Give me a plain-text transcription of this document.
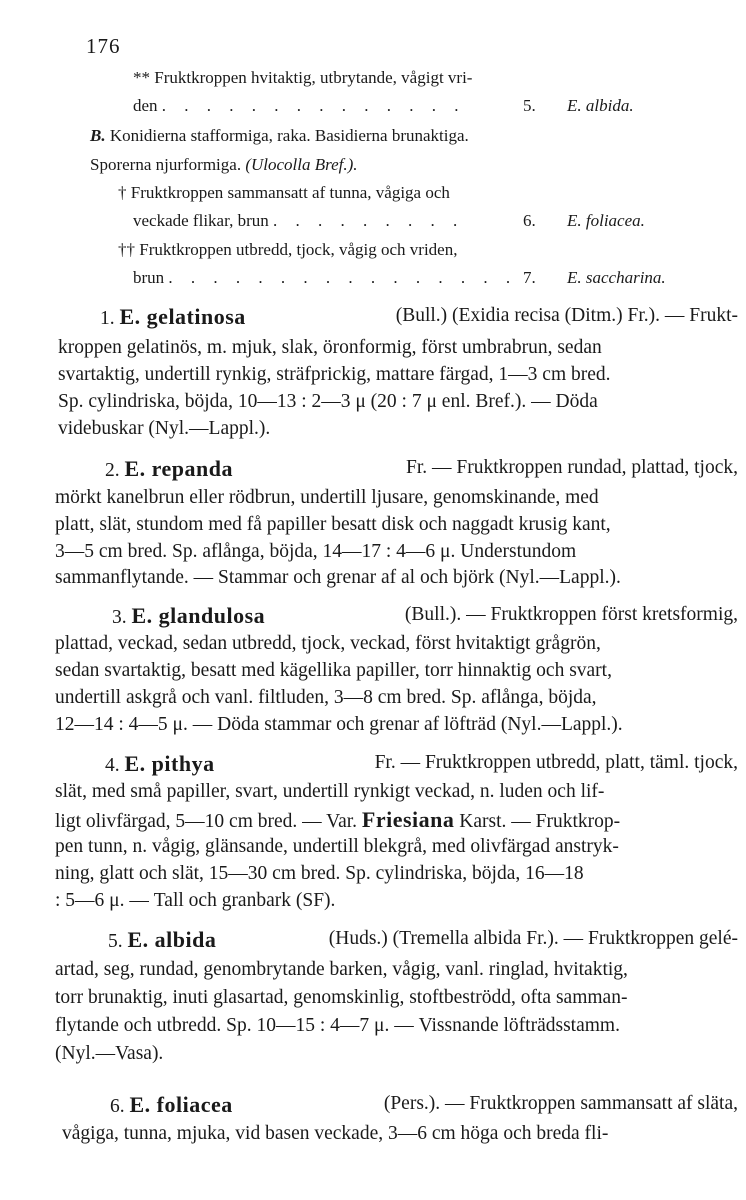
176
** Fruktkroppen hvitaktig, utbrytande, vågigt vri-
den . . . . . . . . . . . . . .	5. E. albida.
B. Konidierna stafformiga, raka. Basidierna brunaktiga.
Sporerna njurformiga. (Ulocolla Bref.).
† Fruktkroppen sammansatt af tunna, vågiga och
veckade flikar, brun . . . . . . . . .	6. E. foliacea.
†† Fruktkroppen utbredd, tjock, vågig och vriden,
brun . . . . . . . . . . . . . . . . 7. E. saccharina.
1. E. gelatinosa	(Bull.) (Exidia recisa (Ditm.) Fr.). — Frukt-
kroppen gelatinös, m. mjuk, slak, öronformig, först umbrabrun, sedan
svartaktig, undertill rynkig, sträfprickig, mattare färgad, 1—3 cm bred.
Sp. cylindriska, böjda, 10—13 : 2—3 μ (20 : 7 μ enl. Bref.). — Döda
videbuskar (Nyl.—Lappl.).
2. E. repanda	Fr. — Fruktkroppen rundad, plattad, tjock,
mörkt kanelbrun eller rödbrun, undertill ljusare, genomskinande, med
platt, slät, stundom med få papiller besatt disk och naggadt krusig kant,
3—5 cm bred. Sp. aflånga, böjda, 14—17 : 4—6 μ. Understundom
sammanflytande. — Stammar och grenar af al och björk (Nyl.—Lappl.).
3. E. glandulosa	(Bull.). — Fruktkroppen först kretsformig,
plattad, veckad, sedan utbredd, tjock, veckad, först hvitaktigt grågrön,
sedan svartaktig, besatt med kägellika papiller, torr hinnaktig och svart,
undertill askgrå och vanl. filtluden, 3—8 cm bred. Sp. aflånga, böjda,
12—14 : 4—5 μ. — Döda stammar och grenar af löfträd (Nyl.—Lappl.).
4. E. pithya	Fr. — Fruktkroppen utbredd, platt, täml. tjock,
slät, med små papiller, svart, undertill rynkigt veckad, n. luden och lif-
ligt olivfärgad, 5—10 cm bred. — Var. Friesiana Karst. — Fruktkrop-
pen tunn, n. vågig, glänsande, undertill blekgrå, med olivfärgad anstryk-
ning, glatt och slät, 15—30 cm bred. Sp. cylindriska, böjda, 16—18
: 5—6 μ. — Tall och granbark (SF).
5. E. albida	(Huds.) (Tremella albida Fr.). — Fruktkroppen gelé-
artad, seg, rundad, genombrytande barken, vågig, vanl. ringlad, hvitaktig,
torr brunaktig, inuti glasartad, genomskinlig, stoftbeströdd, ofta samman-
flytande och utbredd. Sp. 10—15 : 4—7 μ. — Vissnande löfträdsstamm.
(Nyl.—Vasa).
6. E. foliacea	(Pers.). — Fruktkroppen sammansatt af släta,
vågiga, tunna, mjuka, vid basen veckade, 3—6 cm höga och breda fli-
